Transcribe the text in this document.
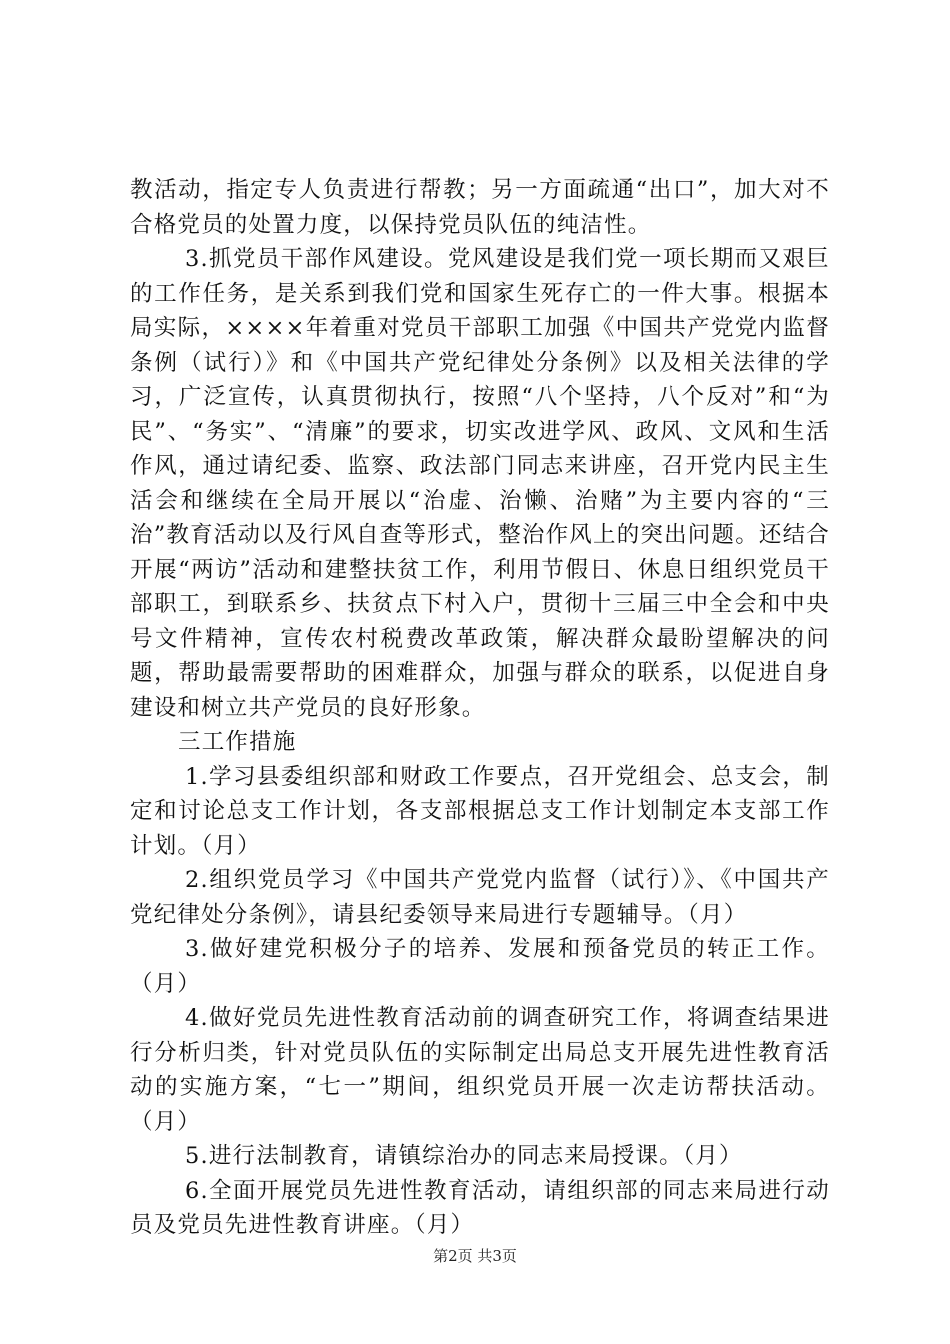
教活动，指定专人负责进行帮教；另一方面疏通“出口”，加大对不合格党员的处置力度，以保持党员队伍的纯洁性。

3.抓党员干部作风建设。党风建设是我们党一项长期而又艰巨的工作任务，是关系到我们党和国家生死存亡的一件大事。根据本局实际，××××年着重对党员干部职工加强《中国共产党党内监督条例（试行）》和《中国共产党纪律处分条例》以及相关法律的学习，广泛宣传，认真贯彻执行，按照“八个坚持，八个反对”和“为民”、“务实”、“清廉”的要求，切实改进学风、政风、文风和生活作风，通过请纪委、监察、政法部门同志来讲座，召开党内民主生活会和继续在全局开展以“治虚、治懒、治赌”为主要内容的“三治”教育活动以及行风自查等形式，整治作风上的突出问题。还结合开展“两访”活动和建整扶贫工作，利用节假日、休息日组织党员干部职工，到联系乡、扶贫点下村入户，贯彻十三届三中全会和中央号文件精神，宣传农村税费改革政策，解决群众最盼望解决的问题，帮助最需要帮助的困难群众，加强与群众的联系，以促进自身建设和树立共产党员的良好形象。

三工作措施

1.学习县委组织部和财政工作要点，召开党组会、总支会，制定和讨论总支工作计划，各支部根据总支工作计划制定本支部工作计划。（月）

2.组织党员学习《中国共产党党内监督（试行）》、《中国共产党纪律处分条例》，请县纪委领导来局进行专题辅导。（月）

3.做好建党积极分子的培养、发展和预备党员的转正工作。（月）

4.做好党员先进性教育活动前的调查研究工作，将调查结果进行分析归类，针对党员队伍的实际制定出局总支开展先进性教育活动的实施方案，“七一”期间，组织党员开展一次走访帮扶活动。（月）

5.进行法制教育，请镇综治办的同志来局授课。（月）

6.全面开展党员先进性教育活动，请组织部的同志来局进行动员及党员先进性教育讲座。（月）

第2页 共3页
